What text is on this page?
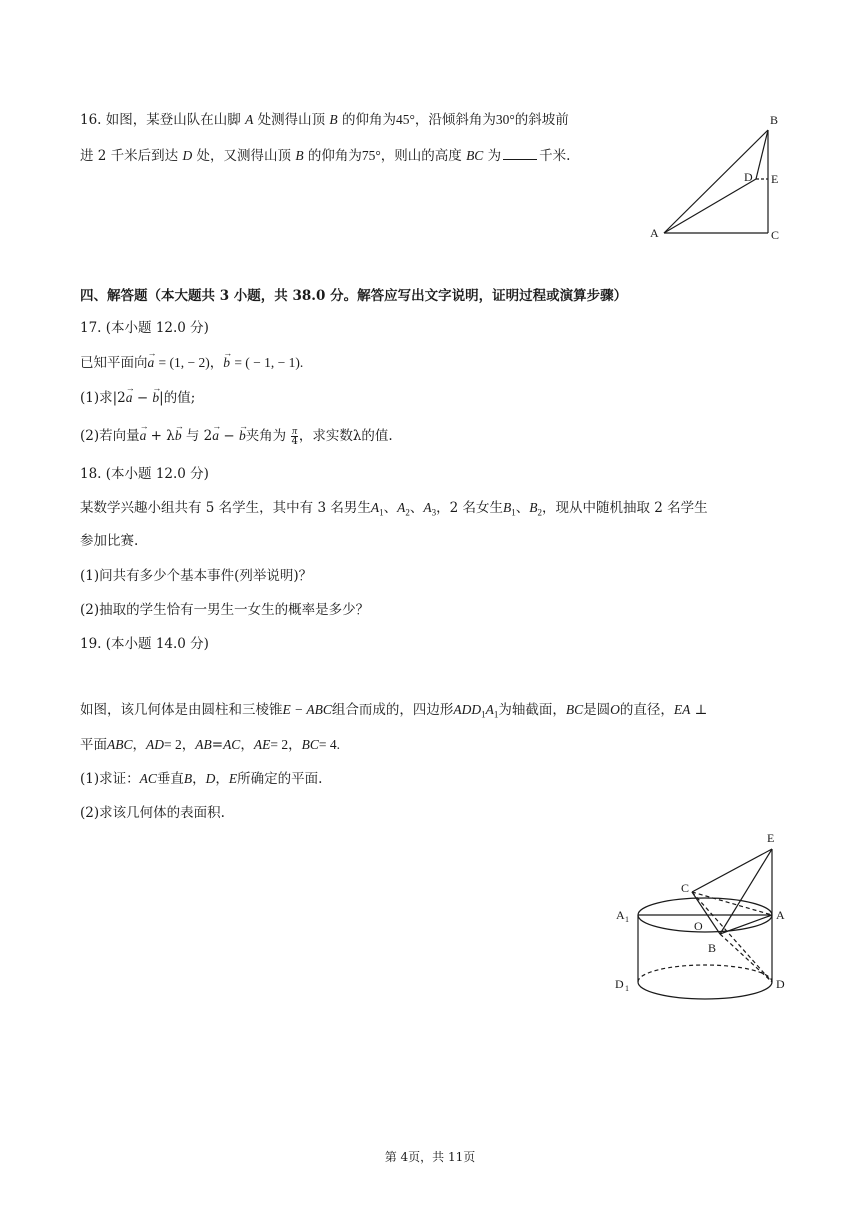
16. 如图，某登山队在山脚 A 处测得山顶 B 的仰角为45°，沿倾斜角为30°的斜坡前
进 2 千米后到达 D 处，又测得山顶 B 的仰角为75°，则山的高度 BC 为	千米.
B
D E
A	C
四、解答题（本大题共 3 小题，共 38.0 分。解答应写出文字说明，证明过程或演算步骤）
17. (本小题 12.0 分)
已知平面向→ a = (1, − 2)，→ b = ( − 1, − 1).
(1)求|2→ a − → b|的值;
(2)若向量→ a + λ→ b 与 2→ a − → b夹角为 $\frac{\pi}{4}$ ，求实数λ的值.
18. (本小题 12.0 分)
某数学兴趣小组共有 5 名学生，其中有 3 名男生$A_1$、$A_2$、$A_3$，2 名女生$B_1$、$B_2$，现从中随机抽取 2 名学生
参加比赛.
(1)问共有多少个基本事件(列举说明)？
(2)抽取的学生恰有一男生一女生的概率是多少？
19. (本小题 14.0 分)
如图，该几何体是由圆柱和三棱锥E − ABC组合而成的，四边形$ADD_1A_1$为轴截面，BC是圆O的直径，EA ⊥
平面ABC，AD= 2，AB=AC，AE= 2，BC= 4.
(1)求证：AC垂直B，D，E所确定的平面.
(2)求该几何体的表面积.
E
C
A 1	A
O
B
D 1	D
第 4页，共 11页
